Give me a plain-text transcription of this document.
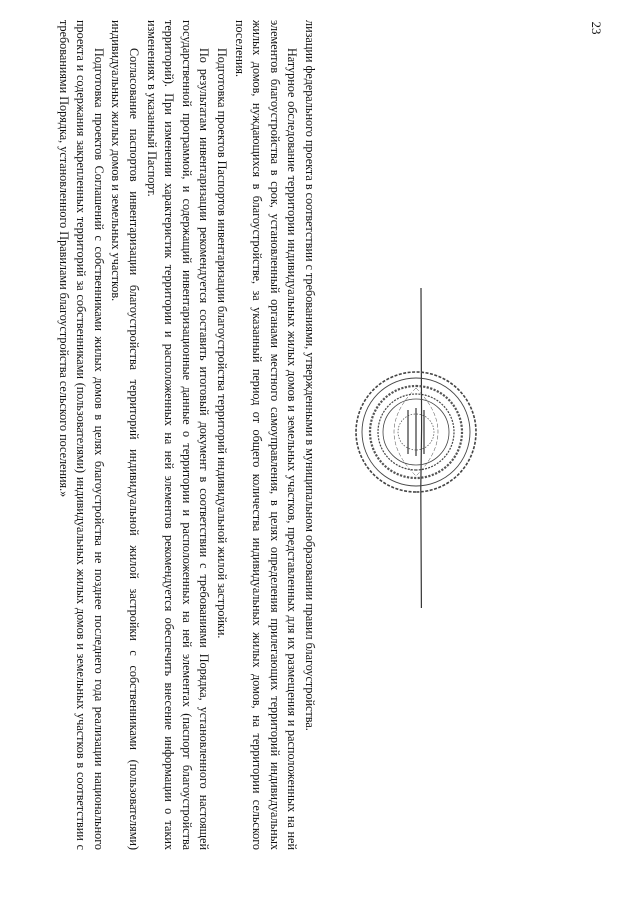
23

лизации федерального проекта в соответствии с требованиями, утвержденными в муниципальном образовании правил благоустройства.

Натурное обследование территории индивидуальных жилых домов и земельных участков, представленных для их размещения и расположенных на ней элементов благоустройства в срок, установленный органами местного самоуправления, в целях определения прилегающих территорий индивидуальных жилых домов, нуждающихся в благоустройстве, за указанный период от общего количества индивидуальных жилых домов, на территории сельского поселения.

Подготовка проектов Паспортов инвентаризации благоустройства территорий индивидуальной жилой застройки.

По результатам инвентаризации рекомендуется составить итоговый документ в соответствии с требованиями Порядка, установленного настоящей государственной программой, и содержащий инвентаризационные данные о территории и расположенных на ней элементах (паспорт благоустройства территорий). При изменении характеристик территории и расположенных на ней элементов рекомендуется обеспечить внесение информации о таких изменениях в указанный Паспорт.

Согласование паспортов инвентаризации благоустройства территорий индивидуальной жилой застройки с собственниками (пользователями) индивидуальных жилых домов и земельных участков.

Подготовка проектов Соглашений с собственниками жилых домов в целях благоустройства не позднее последнего года реализации национального проекта и содержания закрепленных территорий за собственниками (пользователями) индивидуальных жилых домов и земельных участков в соответствии с требованиями Порядка, установленного Правилами благоустройства сельского поселения.»
